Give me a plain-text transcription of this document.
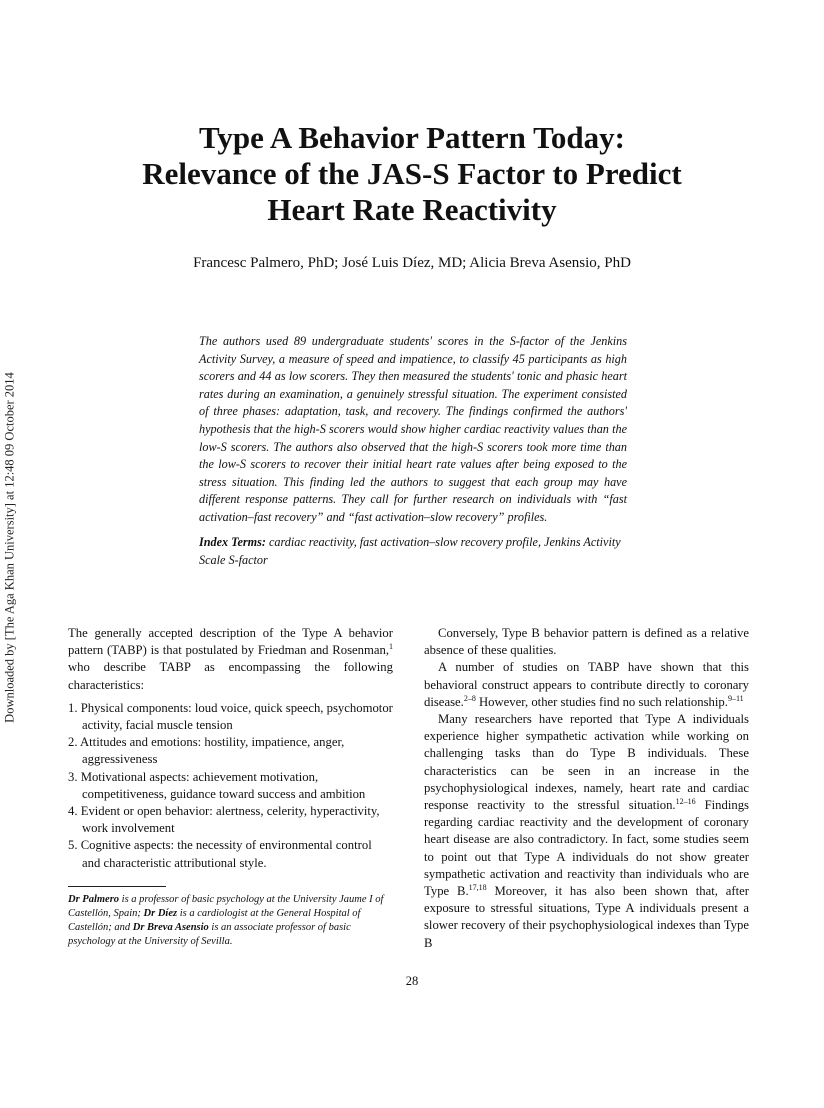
Downloaded by [The Aga Khan University] at 12:48 09 October 2014
Type A Behavior Pattern Today:
Relevance of the JAS-S Factor to Predict
Heart Rate Reactivity
Francesc Palmero, PhD; José Luis Díez, MD; Alicia Breva Asensio, PhD
The authors used 89 undergraduate students' scores in the S-factor of the Jenkins Activity Survey, a measure of speed and impatience, to classify 45 participants as high scorers and 44 as low scorers. They then measured the students' tonic and phasic heart rates during an examination, a genuinely stressful situation. The experiment consisted of three phases: adaptation, task, and recovery. The findings confirmed the authors' hypothesis that the high-S scorers would show higher cardiac reactivity values than the low-S scorers. The authors also observed that the high-S scorers took more time than the low-S scorers to recover their initial heart rate values after being exposed to the stress situation. This finding led the authors to suggest that each group may have different response patterns. They call for further research on individuals with “fast activation–fast recovery” and “fast activation–slow recovery” profiles.
Index Terms: cardiac reactivity, fast activation–slow recovery profile, Jenkins Activity Scale S-factor

The generally accepted description of the Type A behavior pattern (TABP) is that postulated by Friedman and Rosenman,$^1$ who describe TABP as encompassing the following characteristics:

1. Physical components: loud voice, quick speech, psychomotor activity, facial muscle tension
2. Attitudes and emotions: hostility, impatience, anger, aggressiveness
3. Motivational aspects: achievement motivation, competitiveness, guidance toward success and ambition
4. Evident or open behavior: alertness, celerity, hyperactivity, work involvement
5. Cognitive aspects: the necessity of environmental control and characteristic attributional style.
Dr Palmero is a professor of basic psychology at the University Jaume I of Castellón, Spain; Dr Díez is a cardiologist at the General Hospital of Castellón; and Dr Breva Asensio is an associate professor of basic psychology at the University of Sevilla.

Conversely, Type B behavior pattern is defined as a relative absence of these qualities.

A number of studies on TABP have shown that this behavioral construct appears to contribute directly to coronary disease.$^{2-8}$ However, other studies find no such relationship.$^{9-11}$

Many researchers have reported that Type A individuals experience higher sympathetic activation while working on challenging tasks than do Type B individuals. These characteristics can be seen in an increase in the psychophysiological indexes, namely, heart rate and cardiac response reactivity to the stressful situation.$^{12-16}$ Findings regarding cardiac reactivity and the development of coronary heart disease are also contradictory. In fact, some studies seem to point out that Type A individuals do not show greater sympathetic activation and reactivity than individuals who are Type B.$^{17,18}$ Moreover, it has also been shown that, after exposure to stressful situations, Type A individuals present a slower recovery of their psychophysiological indexes than Type B

28
